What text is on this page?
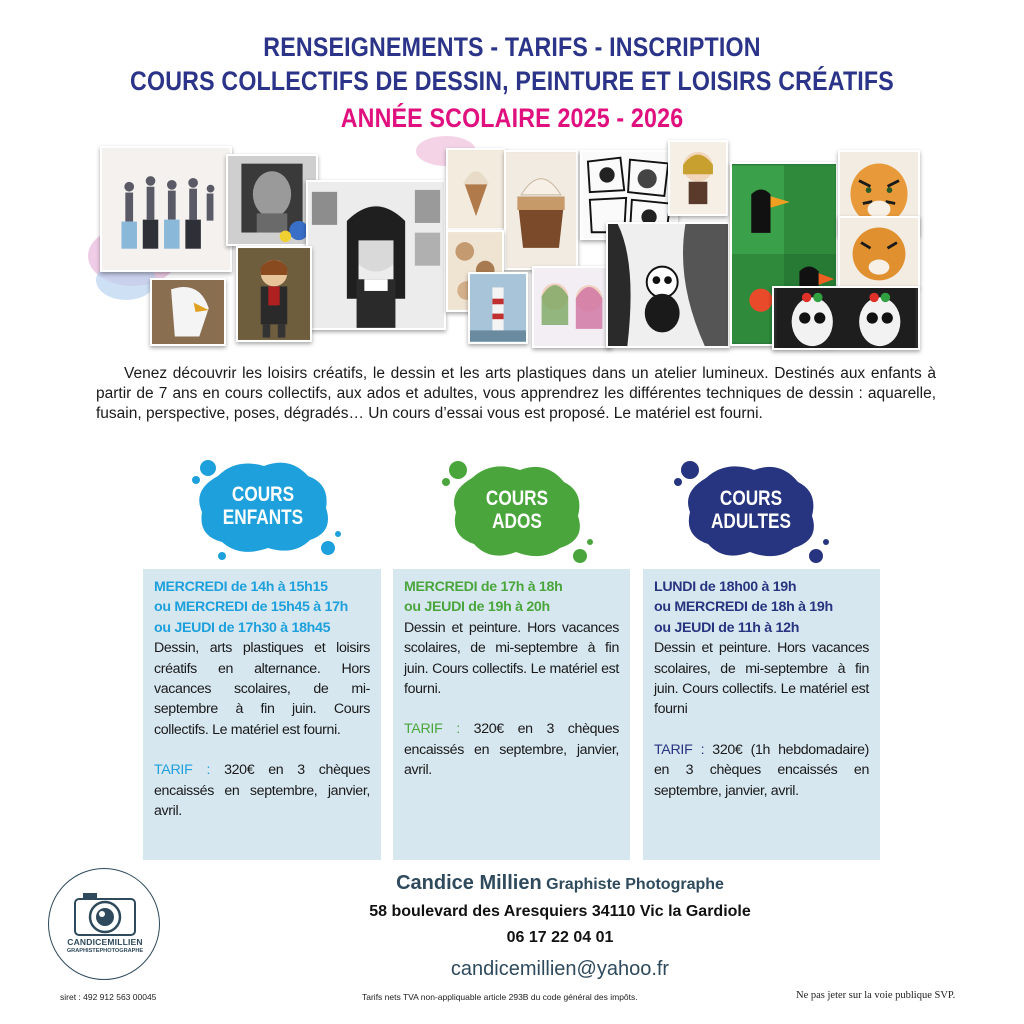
RENSEIGNEMENTS - TARIFS - INSCRIPTION
COURS COLLECTIFS DE DESSIN, PEINTURE ET LOISIRS CRÉATIFS
ANNÉE SCOLAIRE 2025 - 2026

Venez découvrir les loisirs créatifs, le dessin et les arts plastiques dans un atelier lumineux. Destinés aux enfants à partir de 7 ans en cours collectifs, aux ados et adultes, vous apprendrez les différentes techniques de dessin : aquarelle, fusain, perspective, poses, dégradés… Un cours d’essai vous est proposé. Le matériel est fourni.

COURS
ENFANTS
COURS
ADOS
COURS
ADULTES
MERCREDI de 14h à 15h15
ou MERCREDI de 15h45 à 17h
ou JEUDI de 17h30 à 18h45
Dessin, arts plastiques et loisirs créatifs en alternance. Hors vacances scolaires, de mi-septembre à fin juin. Cours collectifs. Le matériel est fourni.
TARIF : 320€ en 3 chèques encaissés en septembre, janvier, avril.
MERCREDI de 17h à 18h
ou JEUDI de 19h à 20h
Dessin et peinture. Hors vacances scolaires, de mi-septembre à fin juin. Cours collectifs. Le matériel est fourni.
TARIF : 320€ en 3 chèques encaissés en septembre, janvier, avril.
LUNDI de 18h00 à 19h
ou MERCREDI de 18h à 19h
ou JEUDI de 11h à 12h
Dessin et peinture. Hors vacances scolaires, de mi-septembre à fin juin. Cours collectifs. Le matériel est fourni
TARIF : 320€ (1h hebdomadaire) en 3 chèques encaissés en septembre, janvier, avril.
CANDICEMILLIEN
GRAPHISTEPHOTOGRAPHE
Candice Millien Graphiste Photographe
58 boulevard des Aresquiers 34110 Vic la Gardiole
06 17 22 04 01
candicemillien@yahoo.fr
siret : 492 912 563 00045	Tarifs nets TVA non-appliquable article 293B du code général des impôts.	Ne pas jeter sur la voie publique SVP.
